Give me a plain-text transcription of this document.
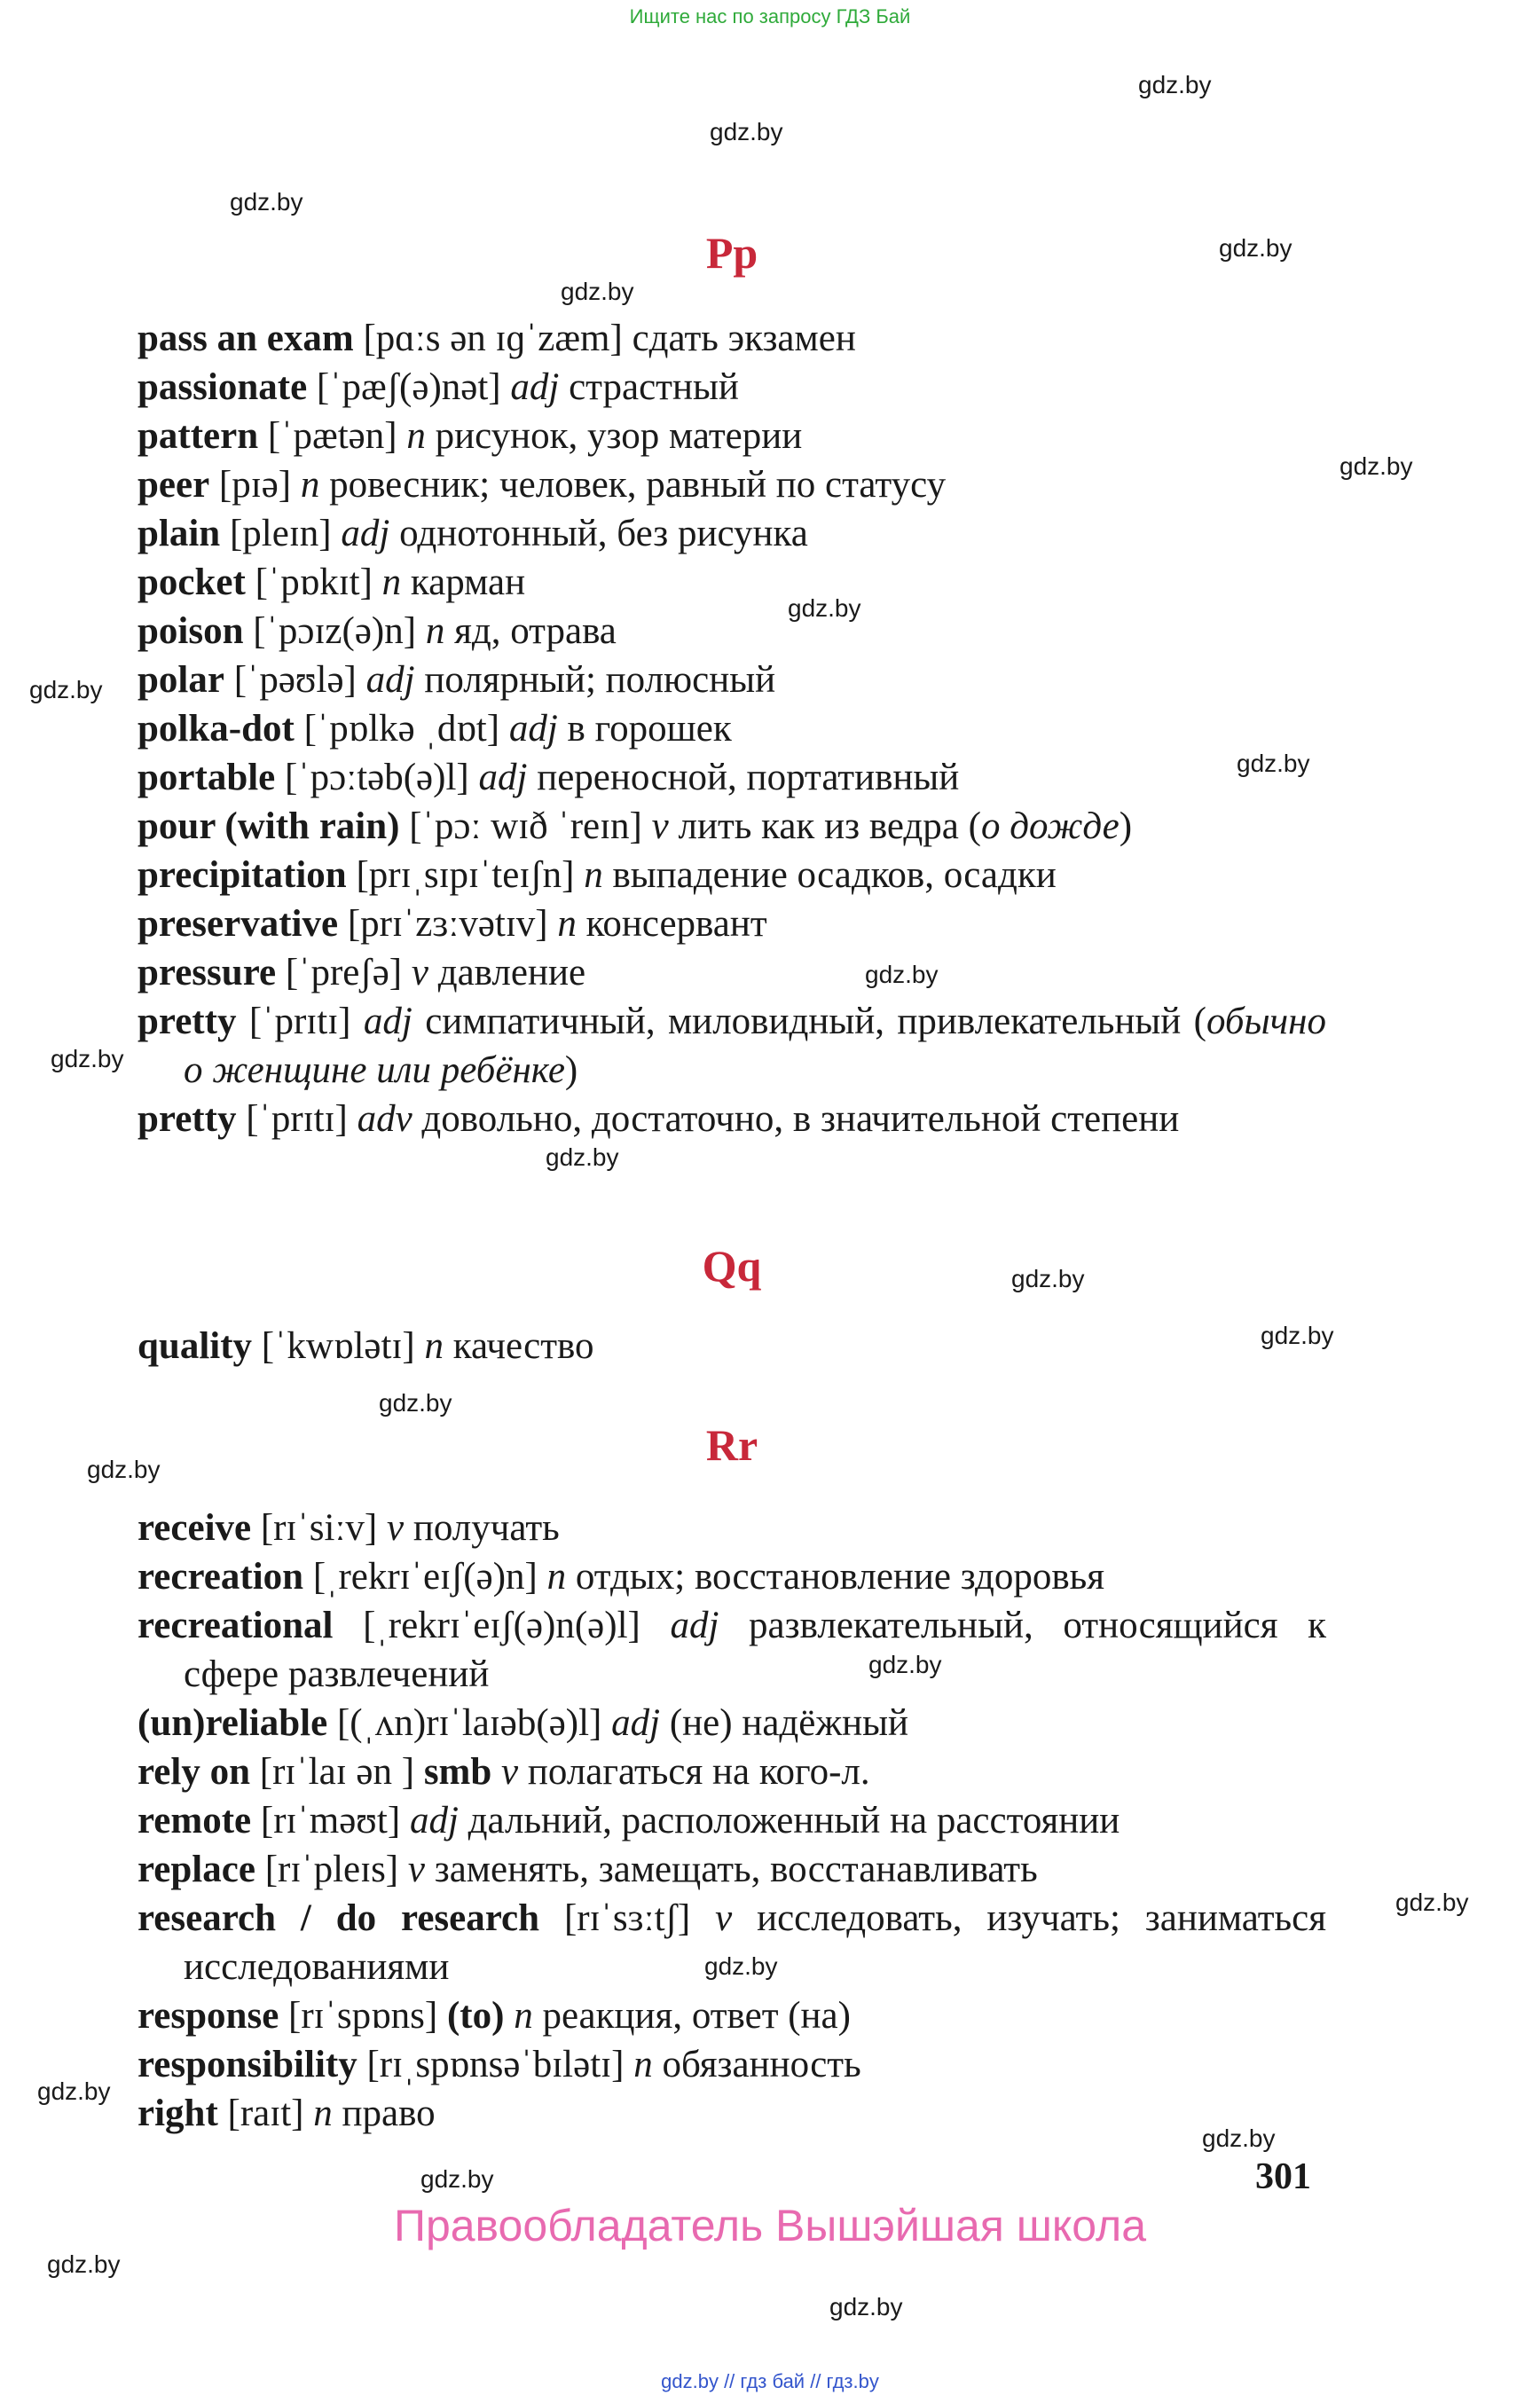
Ищите нас по запросу ГДЗ Бай
gdz.by
gdz.by
gdz.by
gdz.by
gdz.by
gdz.by
gdz.by
gdz.by
gdz.by
gdz.by
gdz.by
gdz.by
gdz.by
gdz.by
gdz.by
gdz.by
gdz.by
gdz.by
gdz.by
gdz.by
gdz.by
gdz.by
gdz.by
gdz.by
Pp
pass an exam [pɑːs ən ɪɡˈzæm] сдать экзамен
passionate [ˈpæʃ(ə)nət] adj страстный
pattern [ˈpætən] n рисунок, узор материи
peer [pɪə] n ровесник; человек, равный по статусу
plain [pleɪn] adj однотонный, без рисунка
pocket [ˈpɒkɪt] n карман
poison [ˈpɔɪz(ə)n] n яд, отрава
polar [ˈpəʊlə] adj полярный; полюсный
polka-dot [ˈpɒlkə ˌdɒt] adj в горошек
portable [ˈpɔːtəb(ə)l] adj переносной, портативный
pour (with rain) [ˈpɔː wɪð ˈreɪn] v лить как из ведра (о дожде)
precipitation [prɪˌsɪpɪˈteɪʃn] n выпадение осадков, осадки
preservative [prɪˈzɜːvətɪv] n консервант
pressure [ˈpreʃə] v давление
pretty [ˈprɪtɪ] adj симпатичный, миловидный, привлекательный (обычно о женщине или ребёнке)
pretty [ˈprɪtɪ] adv довольно, достаточно, в значительной степени
Qq
quality [ˈkwɒlətɪ] n качество
Rr
receive [rɪˈsiːv] v получать
recreation [ˌrekrɪˈeɪʃ(ə)n] n отдых; восстановление здоровья
recreational [ˌrekrɪˈeɪʃ(ə)n(ə)l] adj развлекательный, относящийся к сфере развлечений
(un)reliable [(ˌʌn)rɪˈlaɪəb(ə)l] adj (не) надёжный
rely on [rɪˈlaɪ ən ] smb v полагаться на кого-л.
remote [rɪˈməʊt] adj дальний, расположенный на расстоянии
replace [rɪˈpleɪs] v заменять, замещать, восстанавливать
research / do research [rɪˈsɜːtʃ] v исследовать, изучать; заниматься исследованиями
response [rɪˈspɒns] (to) n реакция, ответ (на)
responsibility [rɪˌspɒnsəˈbɪlətɪ] n обязанность
right [raɪt] n право
301
Правообладатель Вышэйшая школа
gdz.by // гдз бай // гдз.by
